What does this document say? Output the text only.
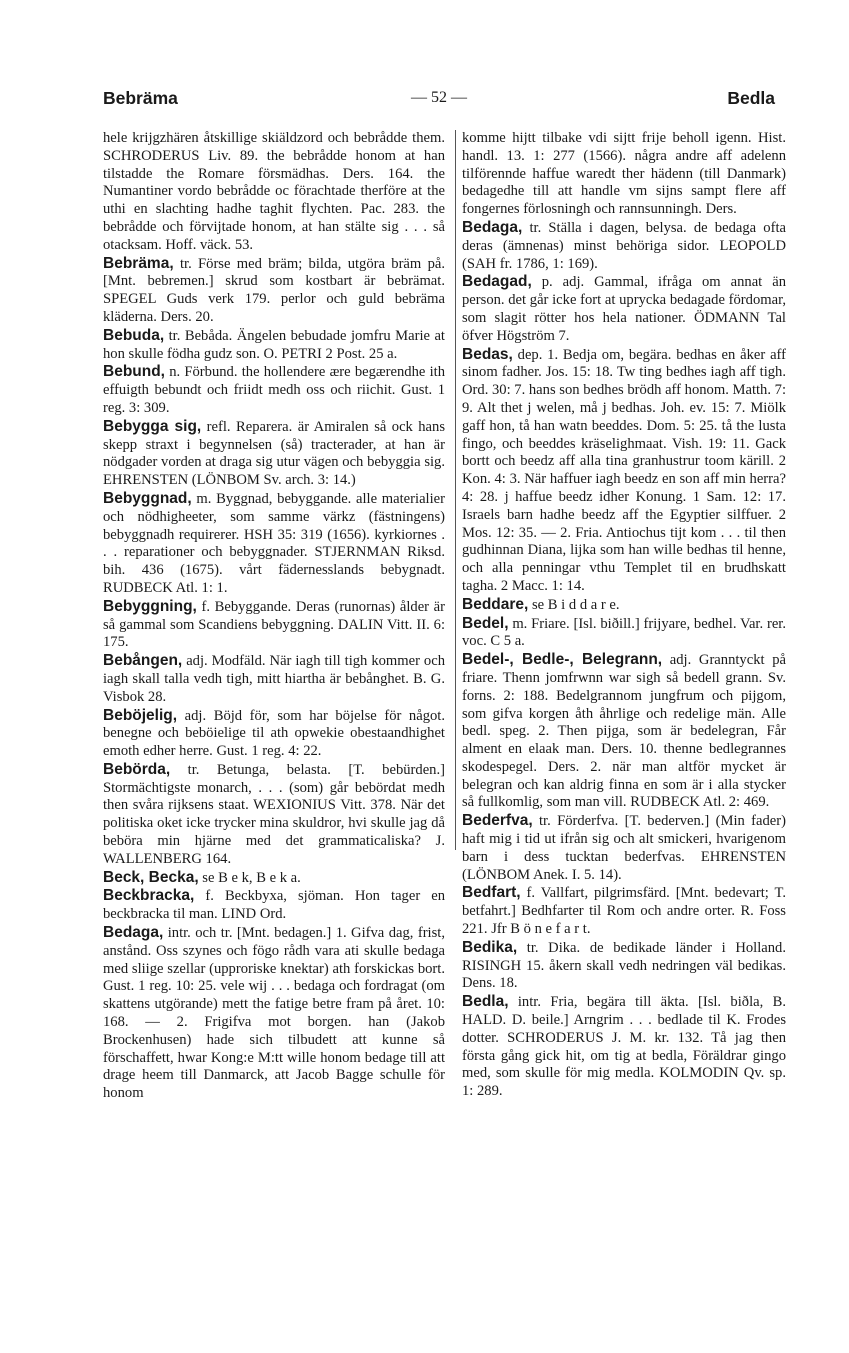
Bebräma	— 52 —	Bedla

hele krijgzhären åtskillige skiäldzord och bebrådde them. SCHRODERUS Liv. 89. the bebrådde honom at han tilstadde the Romare försmädhas. Ders. 164. the Numantiner vordo bebrådde oc förachtade therföre at the uthi en slachting hadhe taghit flychten. Pac. 283. the bebrådde och förvijtade honom, at han stälte sig . . . så otacksam. Hoff. väck. 53.

Bebräma, tr. Förse med bräm; bilda, utgöra bräm på. [Mnt. bebremen.] skrud som kostbart är bebrämat. SPEGEL Guds verk 179. perlor och guld bebräma kläderna. Ders. 20.

Bebuda, tr. Bebåda. Ängelen bebudade jomfru Marie at hon skulle födha gudz son. O. PETRI 2 Post. 25 a.

Bebund, n. Förbund. the hollendere ære begærendhe ith effuigth bebundt och friidt medh oss och riichit. Gust. 1 reg. 3: 309.

Bebygga sig, refl. Reparera. är Amiralen så ock hans skepp straxt i begynnelsen (så) tracterader, at han är nödgader vorden at draga sig utur vägen och bebyggia sig. EHRENSTEN (LÖNBOM Sv. arch. 3: 14.)

Bebyggnad, m. Byggnad, bebyggande. alle materialier och nödhigheeter, som samme värkz (fästningens) bebyggnadh requirerer. HSH 35: 319 (1656). kyrkiornes . . . reparationer och bebyggnader. STJERNMAN Riksd. bih. 436 (1675). vårt fädernesslands bebygnadt. RUDBECK Atl. 1: 1.

Bebyggning, f. Bebyggande. Deras (runornas) ålder är så gammal som Scandiens bebyggning. DALIN Vitt. II. 6: 175.

Bebången, adj. Modfäld. När iagh till tigh kommer och iagh skall talla vedh tigh, mitt hiartha är bebånghet. B. G. Visbok 28.

Beböjelig, adj. Böjd för, som har böjelse för något. benegne och beböielige til ath opwekie obestaandhighet emoth edher herre. Gust. 1 reg. 4: 22.

Bebörda, tr. Betunga, belasta. [T. bebürden.] Stormächtigste monarch, . . . (som) går bebördat medh then svåra rijksens staat. WEXIONIUS Vitt. 378. När det politiska oket icke trycker mina skuldror, hvi skulle jag då beböra min hjärne med det grammaticaliska? J. WALLENBERG 164.

Beck, Becka, se B e k, B e k a.

Beckbracka, f. Beckbyxa, sjöman. Hon tager en beckbracka til man. LIND Ord.

Bedaga, intr. och tr. [Mnt. bedagen.] 1. Gifva dag, frist, anstånd. Oss szynes och fögo rådh vara ati skulle bedaga med sliige szellar (upproriske knektar) ath forskickas bort. Gust. 1 reg. 10: 25. vele wij . . . bedaga och fordragat (om skattens utgörande) mett the fatige betre fram på året. 10: 168. — 2. Frigifva mot borgen. han (Jakob Brockenhusen) hade sich tilbudett att kunne så förschaffett, hwar Kong:e M:tt wille honom bedage till att drage heem till Danmarck, att Jacob Bagge schulle för honom

komme hijtt tilbake vdi sijtt frije beholl igenn. Hist. handl. 13. 1: 277 (1566). några andre aff adelenn tilförennde haffue waredt ther hädenn (till Danmark) bedagedhe till att handle vm sijns sampt flere aff fongernes förlosningh och rannsunningh. Ders.

Bedaga, tr. Ställa i dagen, belysa. de bedaga ofta deras (ämnenas) minst behöriga sidor. LEOPOLD (SAH fr. 1786, 1: 169).

Bedagad, p. adj. Gammal, ifråga om annat än person. det går icke fort at uprycka bedagade fördomar, som slagit rötter hos hela nationer. ÖDMANN Tal öfver Högström 7.

Bedas, dep. 1. Bedja om, begära. bedhas en åker aff sinom fadher. Jos. 15: 18. Tw ting bedhes iagh aff tigh. Ord. 30: 7. hans son bedhes brödh aff honom. Matth. 7: 9. Alt thet j welen, må j bedhas. Joh. ev. 15: 7. Miölk gaff hon, tå han watn beeddes. Dom. 5: 25. tå the lusta fingo, och beeddes kräselighmaat. Vish. 19: 11. Gack bortt och beedz aff alla tina granhustrur toom kärill. 2 Kon. 4: 3. När haffuer iagh beedz en son aff min herra? 4: 28. j haffue beedz idher Konung. 1 Sam. 12: 17. Israels barn hadhe beedz aff the Egyptier silffuer. 2 Mos. 12: 35. — 2. Fria. Antiochus tijt kom . . . til then gudhinnan Diana, lijka som han wille bedhas til henne, och alla penningar vthu Templet til en brudhskatt tagha. 2 Macc. 1: 14.

Beddare, se B i d d a r e.

Bedel, m. Friare. [Isl. biðill.] frijyare, bedhel. Var. rer. voc. C 5 a.

Bedel-, Bedle-, Belegrann, adj. Granntyckt på friare. Thenn jomfrwnn war sigh så bedell grann. Sv. forns. 2: 188. Bedelgrannom jungfrum och pijgom, som gifva korgen åth åhrlige och redelige män. Alle bedl. speg. 2. Then pijga, som är bedelegran, Får alment en elaak man. Ders. 10. thenne bedlegrannes skodespegel. Ders. 2. när man altför mycket är belegran och kan aldrig finna en som är i alla stycker så fullkomlig, som man vill. RUDBECK Atl. 2: 469.

Bederfva, tr. Förderfva. [T. bederven.] (Min fader) haft mig i tid ut ifrån sig och alt smickeri, hvarigenom barn i dess tucktan bederfvas. EHRENSTEN (LÖNBOM Anek. I. 5. 14).

Bedfart, f. Vallfart, pilgrimsfärd. [Mnt. bedevart; T. betfahrt.] Bedhfarter til Rom och andre orter. R. Foss 221. Jfr B ö n e f a r t.

Bedika, tr. Dika. de bedikade länder i Holland. RISINGH 15. åkern skall vedh nedringen väl bedikas. Dens. 18.

Bedla, intr. Fria, begära till äkta. [Isl. biðla, B. HALD. D. beile.] Arngrim . . . bedlade til K. Frodes dotter. SCHRODERUS J. M. kr. 132. Tå jag then första gång gick hit, om tig at bedla, Föräldrar gingo med, som skulle för mig medla. KOLMODIN Qv. sp. 1: 289.
